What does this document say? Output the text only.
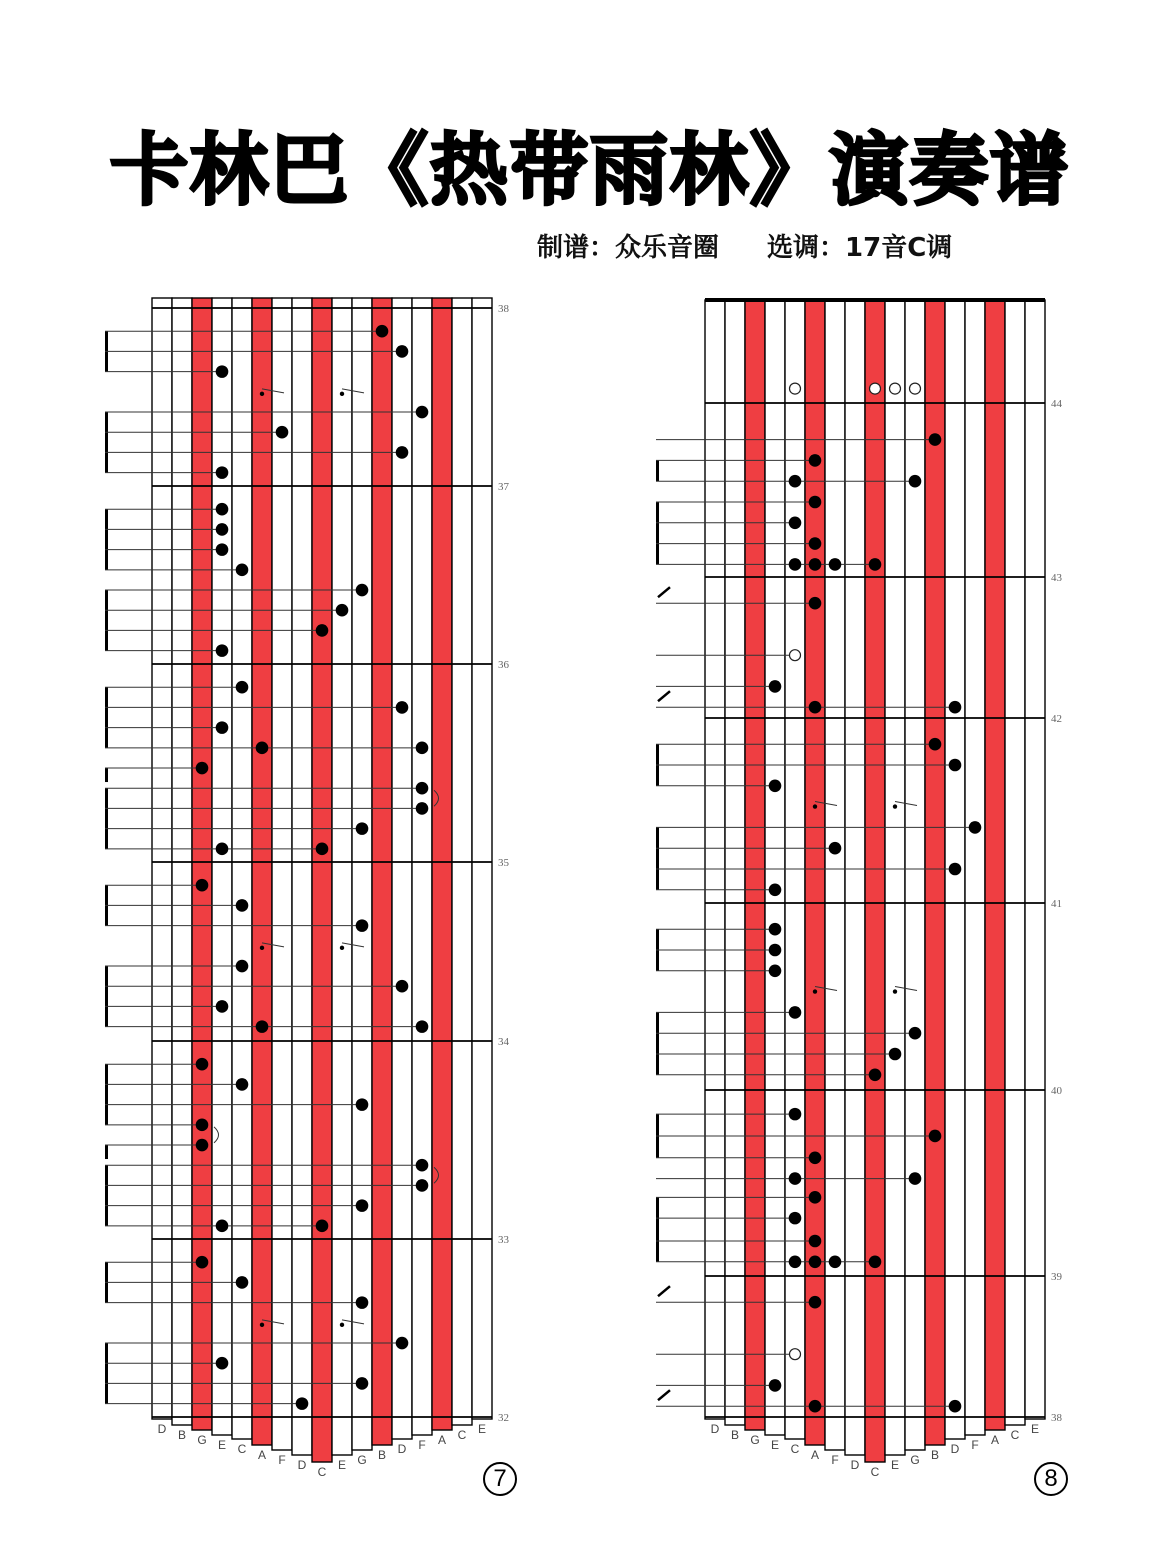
卡林巴《热带雨林》演奏谱
制谱：众乐音圈 选调：17音C调
D B G E C A F D C E G B D F A C E
38
37
36
35
34
33
32
D B G E C A F D C E G B D F A C E
44
43
42
41
40
39
38
7	8
